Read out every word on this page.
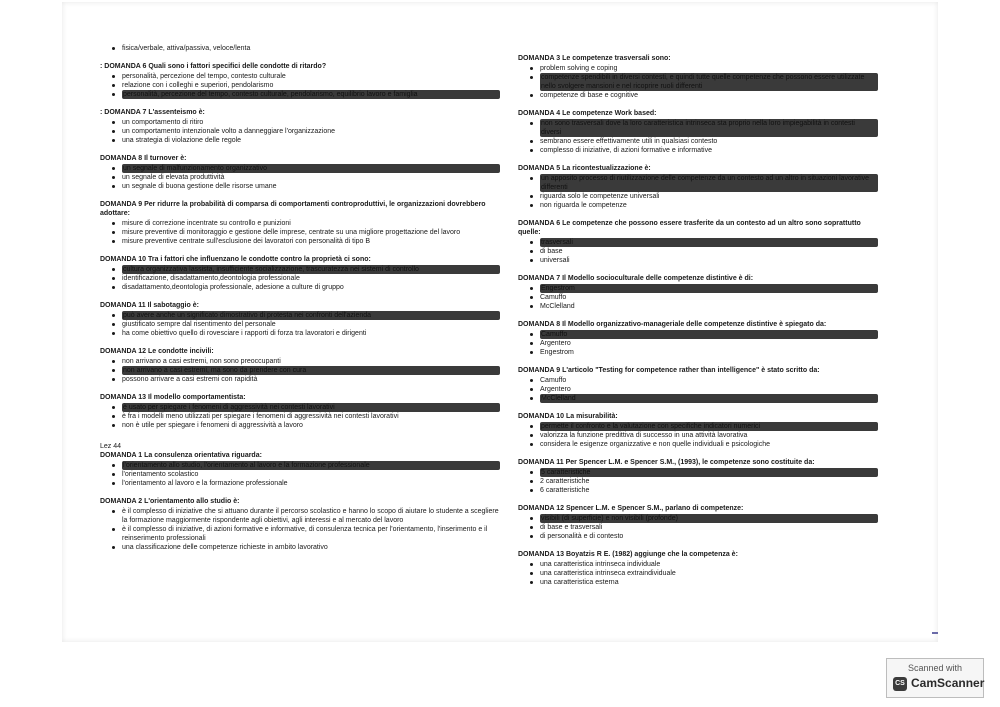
fisica/verbale, attiva/passiva, veloce/lenta
: DOMANDA 6 Quali sono i fattori specifici delle condotte di ritardo?
personalità, percezione del tempo, contesto culturale
relazione con i colleghi e superiori, pendolarismo
personalità, percezione del tempo, contesto culturale, pendolarismo, equilibrio lavoro e famiglia
: DOMANDA 7 L'assenteismo è:
un comportamento di ritiro
un comportamento intenzionale volto a danneggiare l'organizzazione
una strategia di violazione delle regole
DOMANDA 8 Il turnover è:
un segnale di malfunzionamento organizzativo
un segnale di elevata produttività
un segnale di buona gestione delle risorse umane
DOMANDA 9 Per ridurre la probabilità di comparsa di comportamenti controproduttivi, le organizzazioni dovrebbero adottare:
misure di correzione incentrate su controllo e punizioni
misure preventive di monitoraggio e gestione delle imprese, centrate su una migliore progettazione del lavoro
misure preventive centrate sull'esclusione dei lavoratori con personalità di tipo B
DOMANDA 10 Tra i fattori che influenzano le condotte contro la proprietà ci sono:
cultura organizzativa lassista, insufficiente socializzazione, trascuratezza nei sistemi di controllo
identificazione, disadattamento,deontologia professionale
disadattamento,deontologia professionale, adesione a culture di gruppo
DOMANDA 11 Il sabotaggio è:
può avere anche un significato dimostrativo di protesta nei confronti dell'azienda
giustificato sempre dal risentimento del personale
ha come obiettivo quello di rovesciare i rapporti di forza tra lavoratori e dirigenti
DOMANDA 12 Le condotte incivili:
non arrivano a casi estremi, non sono preoccupanti
non arrivano a casi estremi, ma sono da prendere con cura
possono arrivare a casi estremi con rapidità
DOMANDA 13 Il modello comportamentista:
è usato per spiegare i fenomeni di aggressività nei contesti lavorativi
è fra i modelli meno utilizzati per spiegare i fenomeni di aggressività nei contesti lavorativi
non è utile per spiegare i fenomeni di aggressività a lavoro
Lez 44
DOMANDA 1 La consulenza orientativa riguarda:
l'orientamento allo studio, l'orientamento al lavoro e la formazione professionale
l'orientamento scolastico
l'orientamento al lavoro e la formazione professionale
DOMANDA 2 L'orientamento allo studio è:
è il complesso di iniziative che si attuano durante il percorso scolastico e hanno lo scopo di aiutare lo studente a scegliere la formazione maggiormente rispondente agli obiettivi, agli interessi e al mercato del lavoro
è il complesso di iniziative, di azioni formative e informative, di consulenza tecnica per l'orientamento, l'inserimento e il reinserimento professionali
una classificazione delle competenze richieste in ambito lavorativo
DOMANDA 3 Le competenze trasversali sono:
problem solving e coping
competenze spendibili in diversi contesti, e quindi tutte quelle competenze che possono essere utilizzate nello svolgere mansioni e nel ricoprire ruoli differenti
competenze di base e cognitive
DOMANDA 4 Le competenze Work based:
non sono trasversali dove la loro caratteristica intrinseca sta proprio nella loro impiegabilità in contesti diversi
sembrano essere effettivamente utili in qualsiasi contesto
complesso di iniziative, di azioni formative e informative
DOMANDA 5 La ricontestualizzazione è:
un apposito processo di riutilizzazione delle competenze da un contesto ad un altro in situazioni lavorative differenti
riguarda solo le competenze universali
non riguarda le competenze
DOMANDA 6 Le competenze che possono essere trasferite da un contesto ad un altro sono soprattutto quelle:
trasversali
di base
universali
DOMANDA 7 Il Modello socioculturale delle competenze distintive è di:
Engestrom
Camuffo
McClelland
DOMANDA 8 Il Modello organizzativo-manageriale delle competenze distintive è spiegato da:
Camuffo
Argentero
Engestrom
DOMANDA 9 L'articolo "Testing for competence rather than intelligence" è stato scritto da:
Camuffo
Argentero
McClelland
DOMANDA 10 La misurabilità:
permette il confronto e la valutazione con specifiche indicatori numerici
valorizza la funzione predittiva di successo in una attività lavorativa
considera le esigenze organizzative e non quelle individuali e psicologiche
DOMANDA 11 Per Spencer L.M. e Spencer S.M., (1993), le competenze sono costituite da:
5 caratteristiche
2 caratteristiche
6 caratteristiche
DOMANDA 12 Spencer L.M. e Spencer S.M., parlano di competenze:
visibili (di superficie) e non visibili (profonde)
di base e trasversali
di personalità e di contesto
DOMANDA 13 Boyatzis R E. (1982) aggiunge che la competenza è:
una caratteristica intrinseca individuale
una caratteristica intrinseca extraindividuale
una caratteristica esterna
Scanned with
CS CamScanner
